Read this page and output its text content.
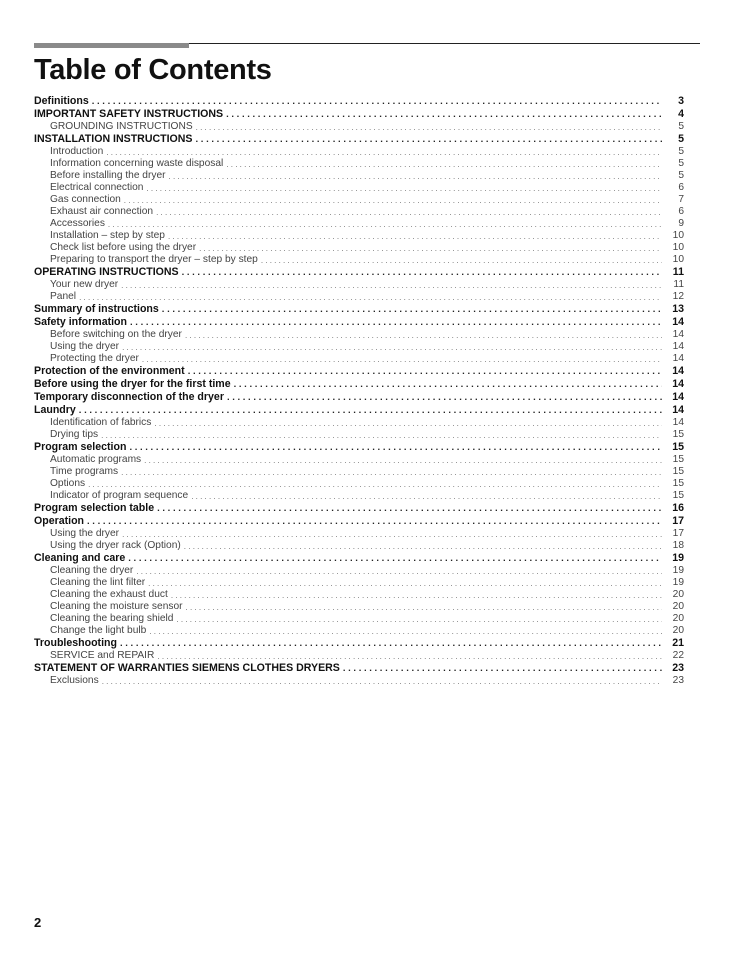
Table of Contents
Definitions . . .	3
IMPORTANT SAFETY INSTRUCTIONS . . .	4
GROUNDING INSTRUCTIONS . . .	5
INSTALLATION INSTRUCTIONS . . .	5
Introduction . . .	5
Information concerning waste disposal . . .	5
Before installing the dryer . . .	5
Electrical connection . . .	6
Gas connection . . .	7
Exhaust air connection . . .	6
Accessories . . .	9
Installation – step by step . . .	10
Check list before using the dryer . . .	10
Preparing to transport the dryer – step by step . . .	10
OPERATING INSTRUCTIONS . . .	11
Your new dryer . . .	11
Panel . . .	12
Summary of instructions . . .	13
Safety information . . .	14
Before switching on the dryer . . .	14
Using the dryer . . .	14
Protecting the dryer . . .	14
Protection of the environment . . .	14
Before using the dryer for the first time . . .	14
Temporary disconnection of the dryer . . .	14
Laundry . . .	14
Identification of fabrics . . .	14
Drying tips . . .	15
Program selection . . .	15
Automatic programs . . .	15
Time programs . . .	15
Options . . .	15
Indicator of program sequence . . .	15
Program selection table . . .	16
Operation . . .	17
Using the dryer . . .	17
Using the dryer rack (Option) . . .	18
Cleaning and care . . .	19
Cleaning the dryer . . .	19
Cleaning the lint filter . . .	19
Cleaning the exhaust duct . . .	20
Cleaning the moisture sensor . . .	20
Cleaning the bearing shield . . .	20
Change the light bulb . . .	20
Troubleshooting . . .	21
SERVICE and REPAIR . . .	22
STATEMENT OF WARRANTIES SIEMENS CLOTHES DRYERS . . .	23
Exclusions . . .	23

2
